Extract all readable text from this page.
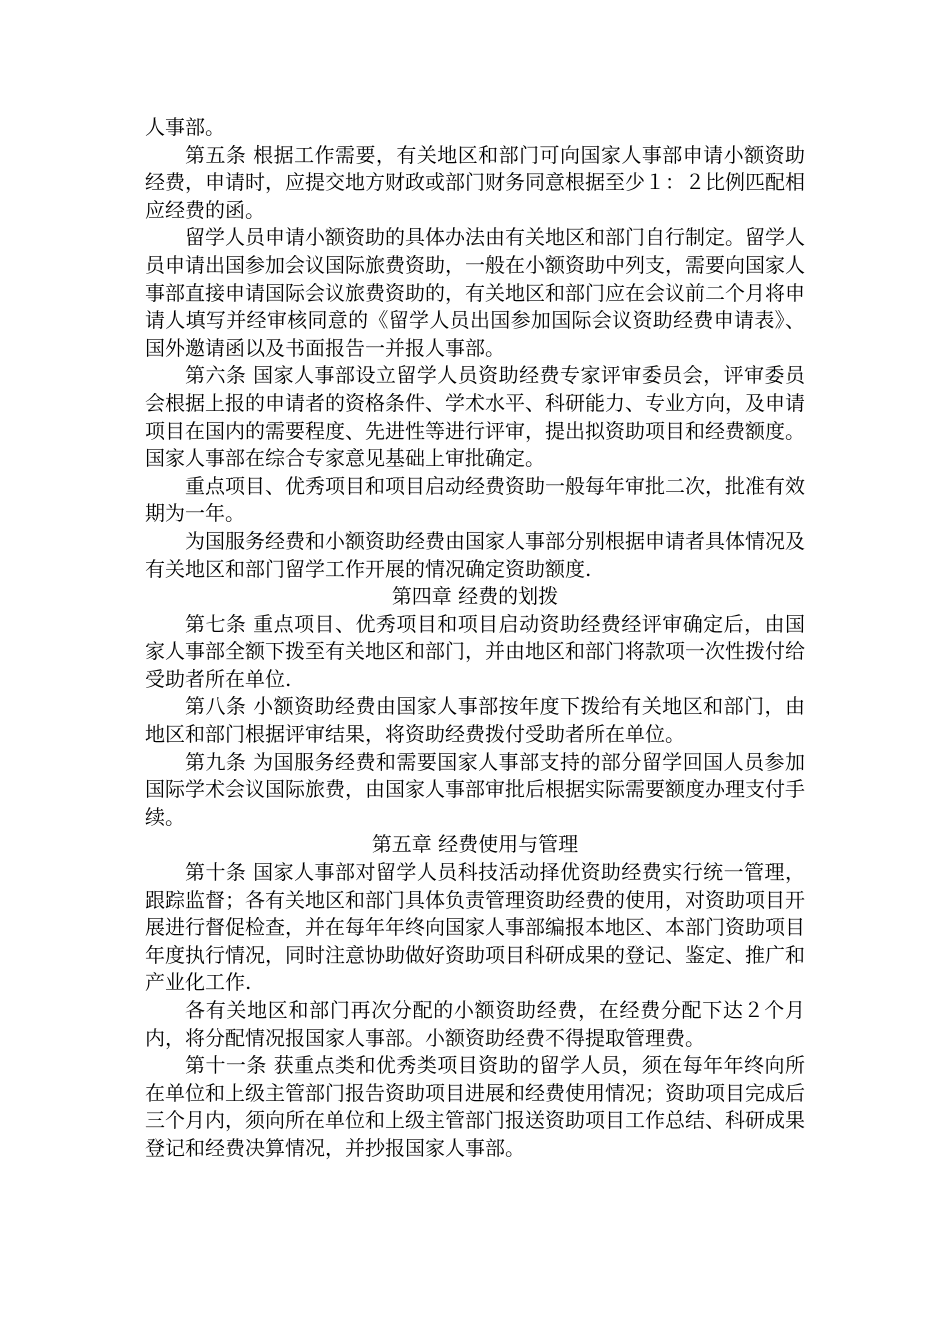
人事部。

第五条 根据工作需要，有关地区和部门可向国家人事部申请小额资助经费，申请时，应提交地方财政或部门财务同意根据至少１：２比例匹配相应经费的函。

留学人员申请小额资助的具体办法由有关地区和部门自行制定。留学人员申请出国参加会议国际旅费资助，一般在小额资助中列支，需要向国家人事部直接申请国际会议旅费资助的，有关地区和部门应在会议前二个月将申请人填写并经审核同意的《留学人员出国参加国际会议资助经费申请表》、国外邀请函以及书面报告一并报人事部。

第六条 国家人事部设立留学人员资助经费专家评审委员会，评审委员会根据上报的申请者的资格条件、学术水平、科研能力、专业方向，及申请项目在国内的需要程度、先进性等进行评审，提出拟资助项目和经费额度。国家人事部在综合专家意见基础上审批确定。

重点项目、优秀项目和项目启动经费资助一般每年审批二次，批准有效期为一年。

为国服务经费和小额资助经费由国家人事部分别根据申请者具体情况及有关地区和部门留学工作开展的情况确定资助额度.

第四章 经费的划拨

第七条 重点项目、优秀项目和项目启动资助经费经评审确定后，由国家人事部全额下拨至有关地区和部门，并由地区和部门将款项一次性拨付给受助者所在单位.

第八条 小额资助经费由国家人事部按年度下拨给有关地区和部门，由地区和部门根据评审结果，将资助经费拨付受助者所在单位。

第九条 为国服务经费和需要国家人事部支持的部分留学回国人员参加国际学术会议国际旅费，由国家人事部审批后根据实际需要额度办理支付手续。

第五章 经费使用与管理

第十条 国家人事部对留学人员科技活动择优资助经费实行统一管理，跟踪监督；各有关地区和部门具体负责管理资助经费的使用，对资助项目开展进行督促检查，并在每年年终向国家人事部编报本地区、本部门资助项目年度执行情况，同时注意协助做好资助项目科研成果的登记、鉴定、推广和产业化工作.

各有关地区和部门再次分配的小额资助经费，在经费分配下达２个月内，将分配情况报国家人事部。小额资助经费不得提取管理费。

第十一条 获重点类和优秀类项目资助的留学人员，须在每年年终向所在单位和上级主管部门报告资助项目进展和经费使用情况；资助项目完成后三个月内，须向所在单位和上级主管部门报送资助项目工作总结、科研成果登记和经费决算情况，并抄报国家人事部。
